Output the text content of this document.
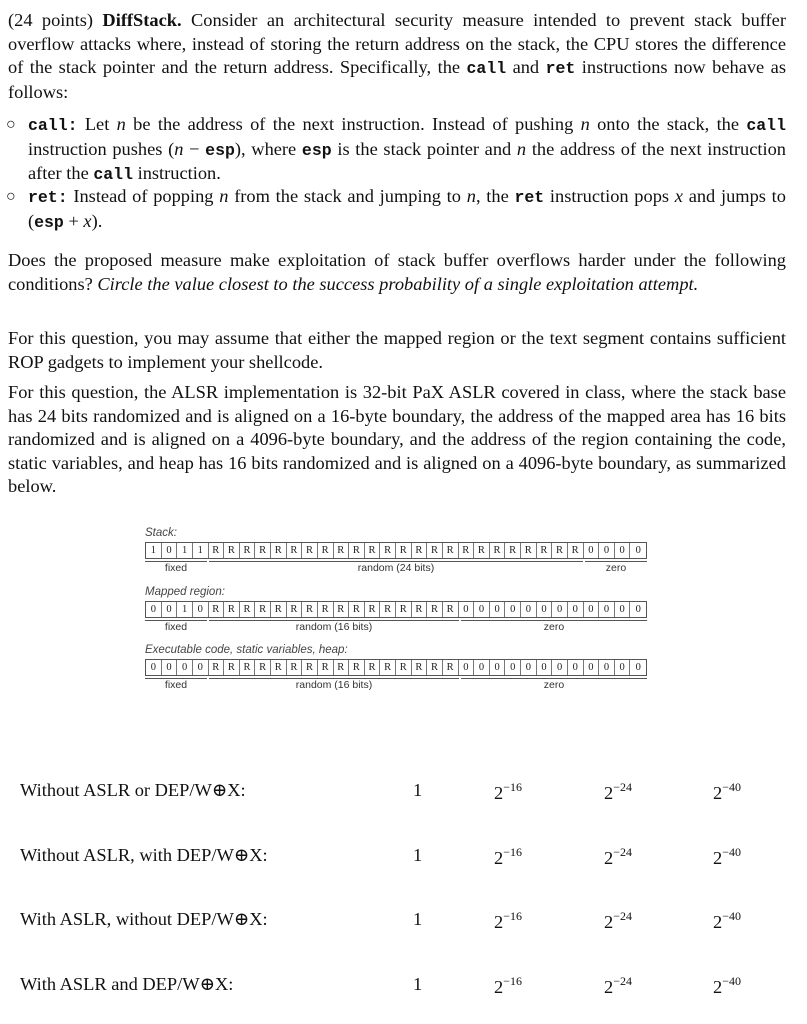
(24 points) DiffStack. Consider an architectural security measure intended to prevent stack buffer overflow attacks where, instead of storing the return address on the stack, the CPU stores the difference of the stack pointer and the return address. Specifically, the call and ret instructions now behave as follows:
○ call: Let n be the address of the next instruction. Instead of pushing n onto the stack, the call instruction pushes (n − esp), where esp is the stack pointer and n the address of the next instruction after the call instruction.
○ ret: Instead of popping n from the stack and jumping to n, the ret instruction pops x and jumps to (esp + x).
Does the proposed measure make exploitation of stack buffer overflows harder under the following conditions? Circle the value closest to the success probability of a single exploitation attempt.
For this question, you may assume that either the mapped region or the text segment contains sufficient ROP gadgets to implement your shellcode.
For this question, the ALSR implementation is 32-bit PaX ASLR covered in class, where the stack base has 24 bits randomized and is aligned on a 16-byte boundary, the address of the mapped area has 16 bits randomized and is aligned on a 4096-byte boundary, and the address of the region containing the code, static variables, and heap has 16 bits randomized and is aligned on a 4096-byte boundary, as summarized below.
Stack:
1 0 1 1 R R R R R R R R R R R R R R R R R R R R R R R R 0 0 0	0
fixed	random (24 bits)	zero
Mapped region:
0 0 1 0 R R R R R R R R R R R R R R R R 0 0 0 0 0 0 0 0 0 0 0	0
fixed	random (16 bits)	zero
Executable code, static variables, heap:
0 0 0 0 R R R R R R R R R R R R R R R R 0 0 0 0 0 0 0 0 0 0 0	0
fixed	random (16 bits)	zero
Without ASLR or DEP/W⊕X:	1	$2^{-16}$	$2^{-24}$	$2^{-40}$
Without ASLR, with DEP/W⊕X:	1	$2^{-16}$	$2^{-24}$	$2^{-40}$
With ASLR, without DEP/W⊕X:	1	$2^{-16}$	$2^{-24}$	$2^{-40}$
With ASLR and DEP/W⊕X:	1	$2^{-16}$	$2^{-24}$	$2^{-40}$
